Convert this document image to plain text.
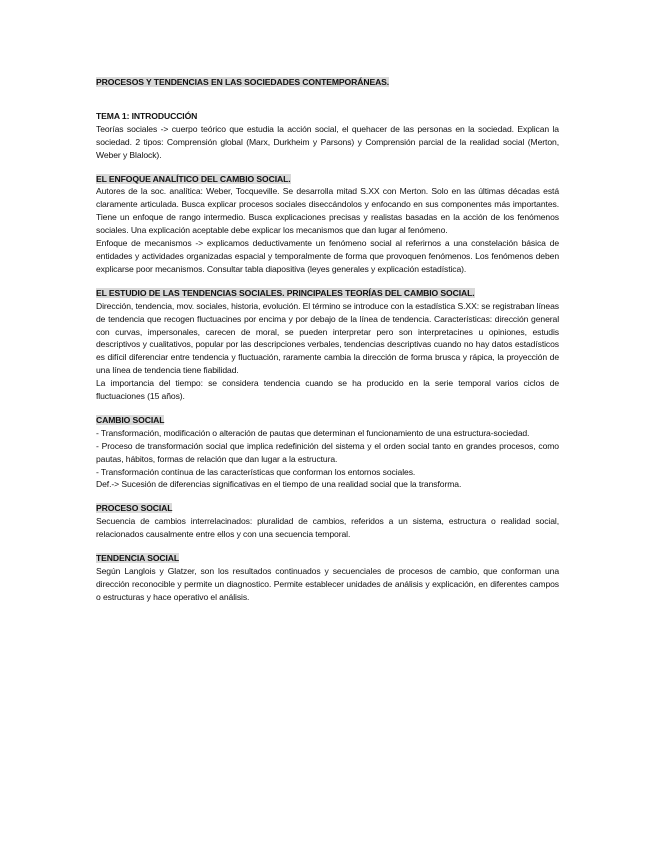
PROCESOS Y TENDENCIAS EN LAS SOCIEDADES CONTEMPORÁNEAS.
TEMA 1: INTRODUCCIÓN

Teorías sociales -> cuerpo teórico que estudia la acción social, el quehacer de las personas en la sociedad. Explican la sociedad. 2 tipos: Comprensión global (Marx, Durkheim y Parsons) y Comprensión parcial de la realidad social (Merton, Weber y Blalock).

EL ENFOQUE ANALÍTICO DEL CAMBIO SOCIAL.

Autores de la soc. analítica: Weber, Tocqueville. Se desarrolla mitad S.XX con Merton. Solo en las últimas décadas está claramente articulada. Busca explicar procesos sociales diseccándolos y enfocando en sus componentes más importantes. Tiene un enfoque de rango intermedio. Busca explicaciones precisas y realistas basadas en la acción de los fenómenos sociales. Una explicación aceptable debe explicar los mecanismos que dan lugar al fenómeno.

Enfoque de mecanismos -> explicamos deductivamente un fenómeno social al referirnos a una constelación básica de entidades y actividades organizadas espacial y temporalmente de forma que provoquen fenómenos. Los fenómenos deben explicarse poor mecanismos. Consultar tabla diapositiva (leyes generales y explicación estadística).

EL ESTUDIO DE LAS TENDENCIAS SOCIALES. PRINCIPALES TEORÍAS DEL CAMBIO SOCIAL.

Dirección, tendencia, mov. sociales, historia, evolución. El término se introduce con la estadística S.XX: se registraban líneas de tendencia que recogen fluctuacines por encima y por debajo de la línea de tendencia. Características: dirección general con curvas, impersonales, carecen de moral, se pueden interpretar pero son interpretacines u opiniones, estudis descriptivos y cualitativos, popular por las descripciones verbales, tendencias descriptivas cuando no hay datos estadísticos es difícil diferenciar entre tendencia y fluctuación, raramente cambia la dirección de forma brusca y rápica, la proyección de una línea de tendencia tiene fiabilidad.

La importancia del tiempo: se considera tendencia cuando se ha producido en la serie temporal varios ciclos de fluctuaciones (15 años).

CAMBIO SOCIAL

- Transformación, modificación o alteración de pautas que determinan el funcionamiento de una estructura-sociedad.

- Proceso de transformación social que implica redefinición del sistema y el orden social tanto en grandes procesos, como pautas, hábitos, formas de relación que dan lugar a la estructura.

- Transformación contínua de las características que conforman los entornos sociales.

Def.-> Sucesión de diferencias significativas en el tiempo de una realidad social que la transforma.

PROCESO SOCIAL

Secuencia de cambios interrelacinados: pluralidad de cambios, referidos a un sistema, estructura o realidad social, relacionados causalmente entre ellos y con una secuencia temporal.

TENDENCIA SOCIAL

Según Langlois y Glatzer, son los resultados continuados y secuenciales de procesos de cambio, que conforman una dirección reconocible y permite un diagnostico. Permite establecer unidades de análisis y explicación, en diferentes campos o estructuras y hace operativo el análisis.
